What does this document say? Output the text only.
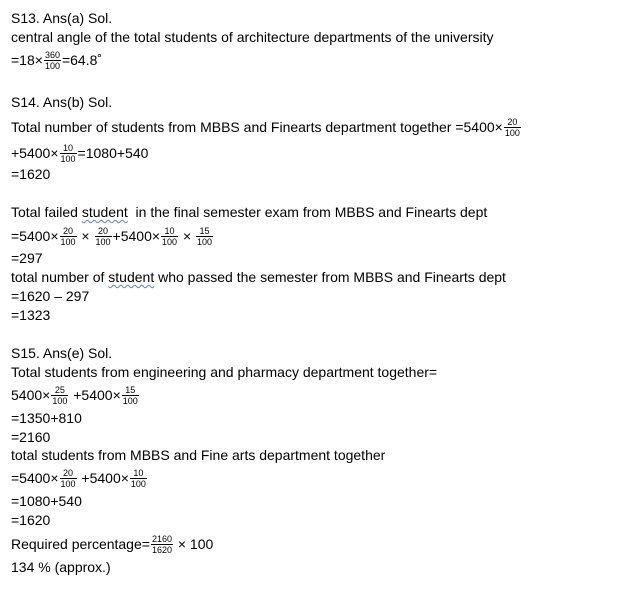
S13. Ans(a) Sol.
central angle of the total students of architecture departments of the university
$=18\times \frac{360}{100}$ =64.8˚
S14. Ans(b) Sol.
Total number of students from MBBS and Finearts department together $=5400\times \frac{20}{100}$
$+5400\times \frac{10}{100} =1080+540$
=1620
Total failed student  in the final semester exam from MBBS and Finearts dept
$=5400\times \frac{20}{100} \times \frac{20}{100} +5400\times \frac{10}{100} \times \frac{15}{100}$
=297
total number of student who passed the semester from MBBS and Finearts dept
=1620 – 297
=1323
S15. Ans(e) Sol.
Total students from engineering and pharmacy department together=
$5400\times \frac{25}{100} +5400\times \frac{15}{100}$
=1350+810
=2160
total students from MBBS and Fine arts department together
$=5400\times \frac{20}{100} +5400\times \frac{10}{100}$
=1080+540
=1620
Required percentage= $\frac{2160}{1620} \times 100$
134 % (approx.)
